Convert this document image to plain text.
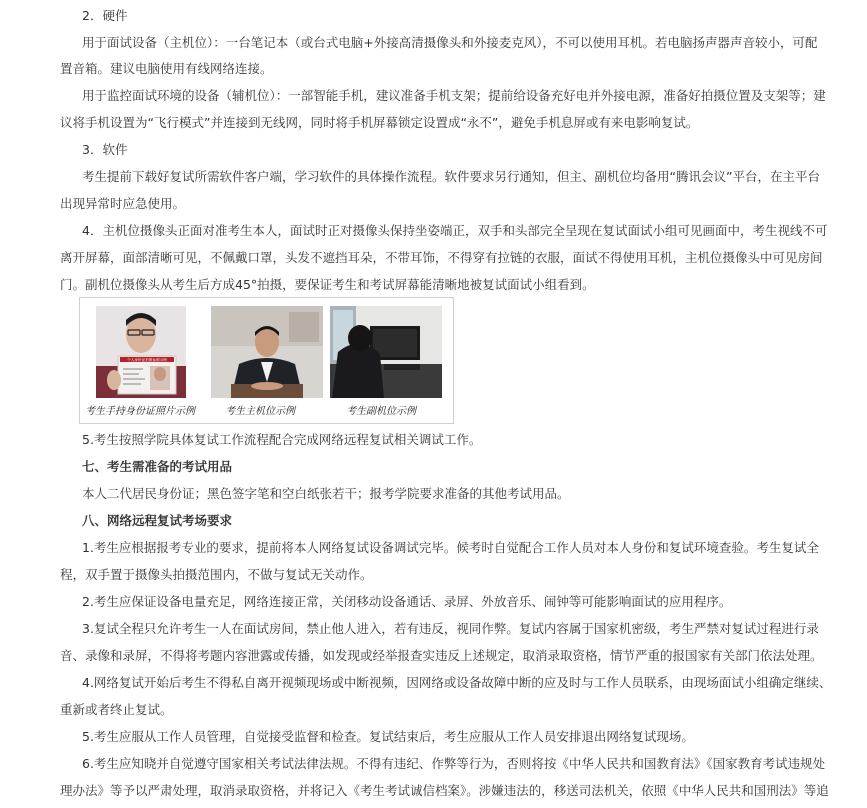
2．硬件
用于面试设备（主机位）：一台笔记本（或台式电脑+外接高清摄像头和外接麦克风），不可以使用耳机。若电脑扬声器声音较小，可配
置音箱。建议电脑使用有线网络连接。
用于监控面试环境的设备（辅机位）：一部智能手机，建议准备手机支架；提前给设备充好电并外接电源，准备好拍摄位置及支架等；建
议将手机设置为“飞行模式”并连接到无线网，同时将手机屏幕锁定设置成“永不”，避免手机息屏或有来电影响复试。
3．软件
考生提前下载好复试所需软件客户端，学习软件的具体操作流程。软件要求另行通知，但主、副机位均备用“腾讯会议”平台，在主平台
出现异常时应急使用。
4．主机位摄像头正面对准考生本人，面试时正对摄像头保持坐姿端正，双手和头部完全呈现在复试面试小组可见画面中，考生视线不可
离开屏幕，面部清晰可见，不佩戴口罩，头发不遮挡耳朵，不带耳饰，不得穿有拉链的衣服，面试不得使用耳机，主机位摄像头中可见房间
门。副机位摄像头从考生后方成45°拍摄，要保证考生和考试屏幕能清晰地被复试面试小组看到。
个人身份证拍照参照示例
考生手持身份证照片示例	考生主机位示例	考生副机位示例
5.考生按照学院具体复试工作流程配合完成网络远程复试相关调试工作。
七、考生需准备的考试用品
本人二代居民身份证；黑色签字笔和空白纸张若干；报考学院要求准备的其他考试用品。
八、网络远程复试考场要求
1.考生应根据报考专业的要求，提前将本人网络复试设备调试完毕。候考时自觉配合工作人员对本人身份和复试环境查验。考生复试全
程，双手置于摄像头拍摄范围内，不做与复试无关动作。
2.考生应保证设备电量充足，网络连接正常，关闭移动设备通话、录屏、外放音乐、闹钟等可能影响面试的应用程序。
3.复试全程只允许考生一人在面试房间，禁止他人进入，若有违反，视同作弊。复试内容属于国家机密级，考生严禁对复试过程进行录
音、录像和录屏，不得将考题内容泄露或传播，如发现或经举报查实违反上述规定，取消录取资格，情节严重的报国家有关部门依法处理。
4.网络复试开始后考生不得私自离开视频现场或中断视频，因网络或设备故障中断的应及时与工作人员联系，由现场面试小组确定继续、
重新或者终止复试。
5.考生应服从工作人员管理，自觉接受监督和检查。复试结束后，考生应服从工作人员安排退出网络复试现场。
6.考生应知晓并自觉遵守国家相关考试法律法规。不得有违纪、作弊等行为，否则将按《中华人民共和国教育法》《国家教育考试违规处
理办法》等予以严肃处理，取消录取资格，并将记入《考生考试诚信档案》。涉嫌违法的，移送司法机关，依照《中华人民共和国刑法》等追
